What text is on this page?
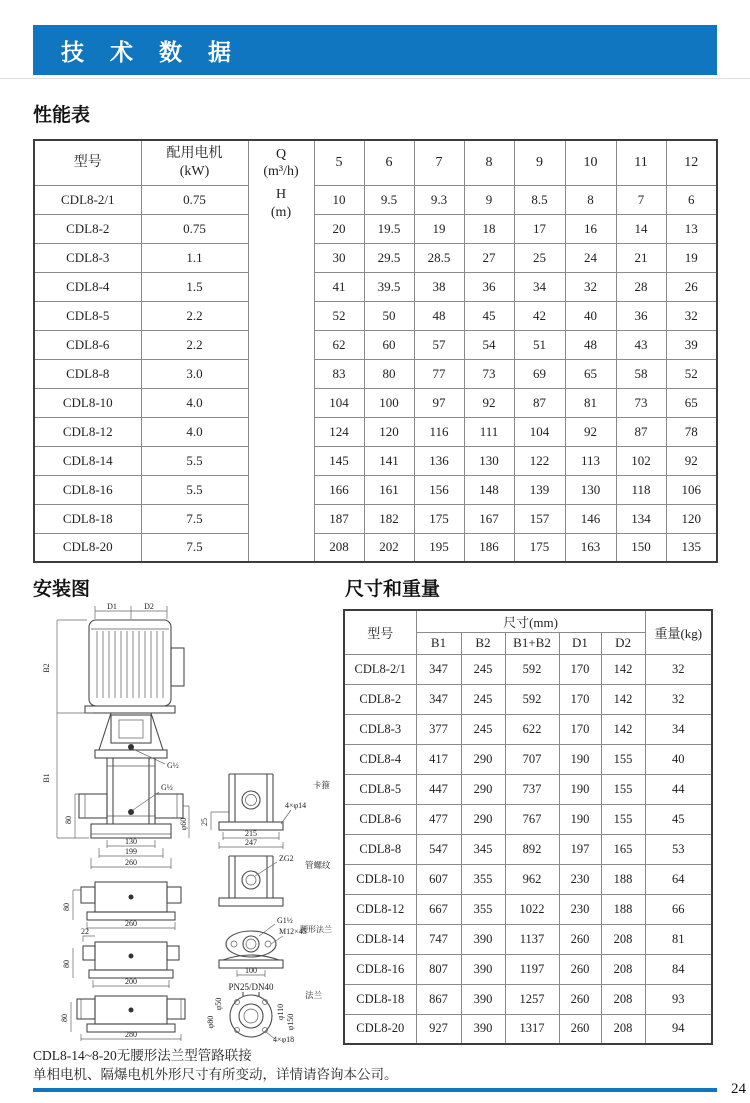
技 术 数 据
性能表
型号

配用电机
(kW)

Q
(m³/h)
H
(m)
	5	6	7	8	9	10	11	12
CDL8-2/1	0.75		10	9.5	9.3	9	8.5	8	7	6
CDL8-2	0.75		20	19.5	19	18	17	16	14	13
CDL8-3	1.1		30	29.5	28.5	27	25	24	21	19
CDL8-4	1.5		41	39.5	38	36	34	32	28	26
CDL8-5	2.2		52	50	48	45	42	40	36	32
CDL8-6	2.2		62	60	57	54	51	48	43	39
CDL8-8	3.0		83	80	77	73	69	65	58	52
CDL8-10	4.0		104	100	97	92	87	81	73	65
CDL8-12	4.0		124	120	116	111	104	92	87	78
CDL8-14	5.5		145	141	136	130	122	113	102	92
CDL8-16	5.5		166	161	156	148	139	130	118	106
CDL8-18	7.5		187	182	175	167	157	146	134	120
CDL8-20	7.5		208	202	195	186	175	163	150	135
安装图	尺寸和重量
D1	D2
G½
G½
B2
B1
80	φ60
130
199
260
80
260
22
80
200
80
280
25
215
247
4×φ14
卡箍
ZG2
管螺纹
G1½
M12×45
100
腰形法兰
PN25/DN40
φ50
φ80
φ110
φ150
4×φ18
法兰
型号	尺寸(mm)					重量(kg)
	B1	B2	B1+B2	D1	D2	
CDL8-2/1	347	245	592	170	142	32
CDL8-2	347	245	592	170	142	32
CDL8-3	377	245	622	170	142	34
CDL8-4	417	290	707	190	155	40
CDL8-5	447	290	737	190	155	44
CDL8-6	477	290	767	190	155	45
CDL8-8	547	345	892	197	165	53
CDL8-10	607	355	962	230	188	64
CDL8-12	667	355	1022	230	188	66
CDL8-14	747	390	1137	260	208	81
CDL8-16	807	390	1197	260	208	84
CDL8-18	867	390	1257	260	208	93
CDL8-20	927	390	1317	260	208	94
CDL8-14~8-20无腰形法兰型管路联接
单相电机、隔爆电机外形尺寸有所变动，详情请咨询本公司。
24
